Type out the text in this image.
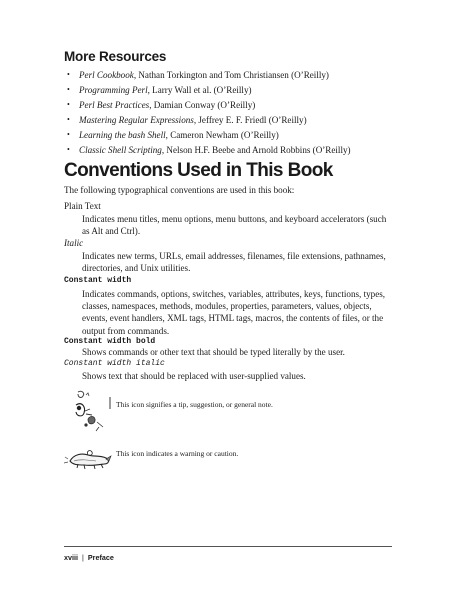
More Resources
• Perl Cookbook, Nathan Torkington and Tom Christiansen (O’Reilly)
• Programming Perl, Larry Wall et al. (O’Reilly)
• Perl Best Practices, Damian Conway (O’Reilly)
• Mastering Regular Expressions, Jeffrey E. F. Friedl (O’Reilly)
• Learning the bash Shell, Cameron Newham (O’Reilly)
• Classic Shell Scripting, Nelson H.F. Beebe and Arnold Robbins (O’Reilly)
Conventions Used in This Book
The following typographical conventions are used in this book:
Plain Text
Indicates menu titles, menu options, menu buttons, and keyboard accelerators (such as Alt and Ctrl).
Italic
Indicates new terms, URLs, email addresses, filenames, file extensions, pathnames, directories, and Unix utilities.
Constant width
Indicates commands, options, switches, variables, attributes, keys, functions, types, classes, namespaces, methods, modules, properties, parameters, values, objects, events, event handlers, XML tags, HTML tags, macros, the contents of files, or the output from commands.
Constant width bold
Shows commands or other text that should be typed literally by the user.
Constant width italic
Shows text that should be replaced with user-supplied values.
This icon signifies a tip, suggestion, or general note.
This icon indicates a warning or caution.
xviii | Preface
